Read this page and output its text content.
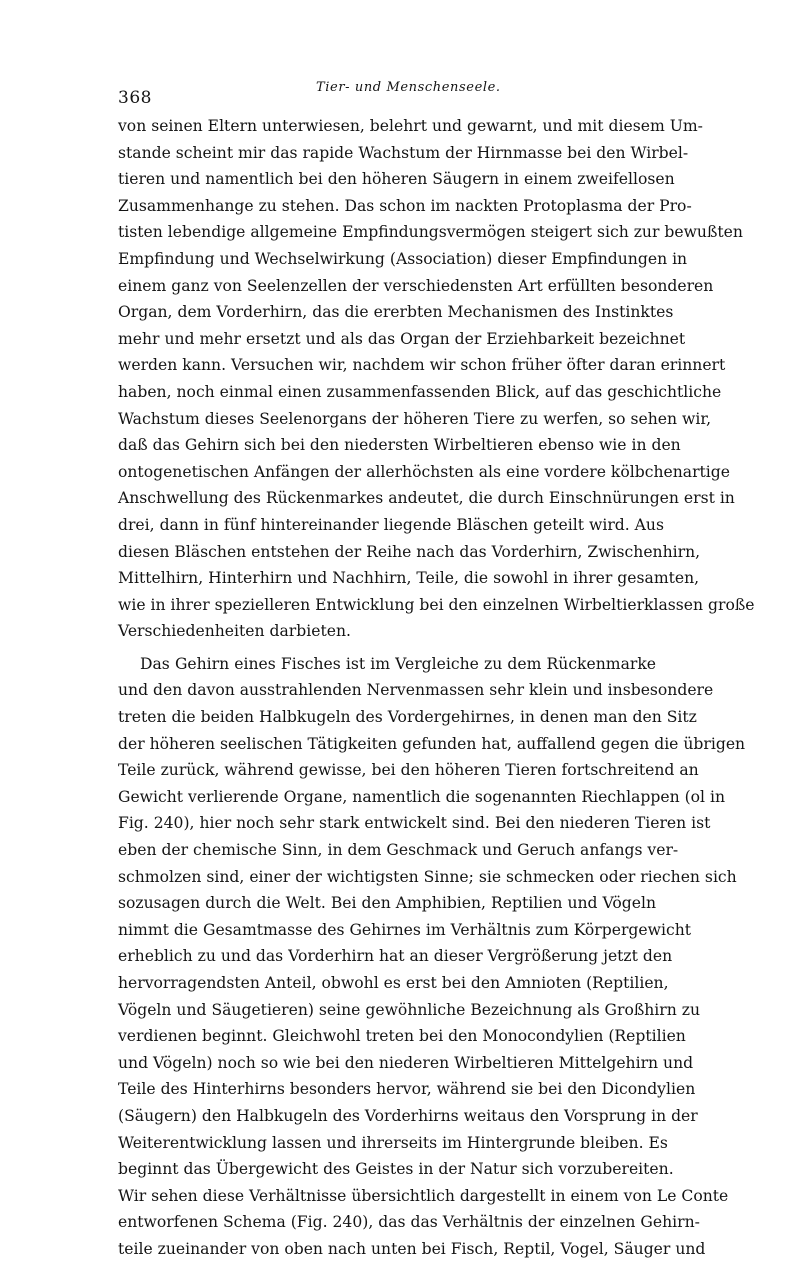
368
Tier- und Menschenseele.
von seinen Eltern unterwiesen, belehrt und gewarnt, und mit diesem Um-
stande scheint mir das rapide Wachstum der Hirnmasse bei den Wirbel-
tieren und namentlich bei den höheren Säugern in einem zweifellosen
Zusammenhange zu stehen. Das schon im nackten Protoplasma der Pro-
tisten lebendige allgemeine Empfindungsvermögen steigert sich zur bewußten
Empfindung und Wechselwirkung (Association) dieser Empfindungen in
einem ganz von Seelenzellen der verschiedensten Art erfüllten besonderen
Organ, dem Vorderhirn, das die ererbten Mechanismen des Instinktes
mehr und mehr ersetzt und als das Organ der Erziehbarkeit bezeichnet
werden kann. Versuchen wir, nachdem wir schon früher öfter daran erinnert
haben, noch einmal einen zusammenfassenden Blick, auf das geschichtliche
Wachstum dieses Seelenorgans der höheren Tiere zu werfen, so sehen wir,
daß das Gehirn sich bei den niedersten Wirbeltieren ebenso wie in den
ontogenetischen Anfängen der allerhöchsten als eine vordere kölbchenartige
Anschwellung des Rückenmarkes andeutet, die durch Einschnürungen erst in
drei, dann in fünf hintereinander liegende Bläschen geteilt wird. Aus
diesen Bläschen entstehen der Reihe nach das Vorderhirn, Zwischenhirn,
Mittelhirn, Hinterhirn und Nachhirn, Teile, die sowohl in ihrer gesamten,
wie in ihrer spezielleren Entwicklung bei den einzelnen Wirbeltierklassen große
Verschiedenheiten darbieten.
Das Gehirn eines Fisches ist im Vergleiche zu dem Rückenmarke
und den davon ausstrahlenden Nervenmassen sehr klein und insbesondere
treten die beiden Halbkugeln des Vordergehirnes, in denen man den Sitz
der höheren seelischen Tätigkeiten gefunden hat, auffallend gegen die übrigen
Teile zurück, während gewisse, bei den höheren Tieren fortschreitend an
Gewicht verlierende Organe, namentlich die sogenannten Riechlappen (ol in
Fig. 240), hier noch sehr stark entwickelt sind. Bei den niederen Tieren ist
eben der chemische Sinn, in dem Geschmack und Geruch anfangs ver-
schmolzen sind, einer der wichtigsten Sinne; sie schmecken oder riechen sich
sozusagen durch die Welt. Bei den Amphibien, Reptilien und Vögeln
nimmt die Gesamtmasse des Gehirnes im Verhältnis zum Körpergewicht
erheblich zu und das Vorderhirn hat an dieser Vergrößerung jetzt den
hervorragendsten Anteil, obwohl es erst bei den Amnioten (Reptilien,
Vögeln und Säugetieren) seine gewöhnliche Bezeichnung als Großhirn zu
verdienen beginnt. Gleichwohl treten bei den Monocondylien (Reptilien
und Vögeln) noch so wie bei den niederen Wirbeltieren Mittelgehirn und
Teile des Hinterhirns besonders hervor, während sie bei den Dicondylien
(Säugern) den Halbkugeln des Vorderhirns weitaus den Vorsprung in der
Weiterentwicklung lassen und ihrerseits im Hintergrunde bleiben. Es
beginnt das Übergewicht des Geistes in der Natur sich vorzubereiten.
Wir sehen diese Verhältnisse übersichtlich dargestellt in einem von Le Conte
entworfenen Schema (Fig. 240), das das Verhältnis der einzelnen Gehirn-
teile zueinander von oben nach unten bei Fisch, Reptil, Vogel, Säuger und
